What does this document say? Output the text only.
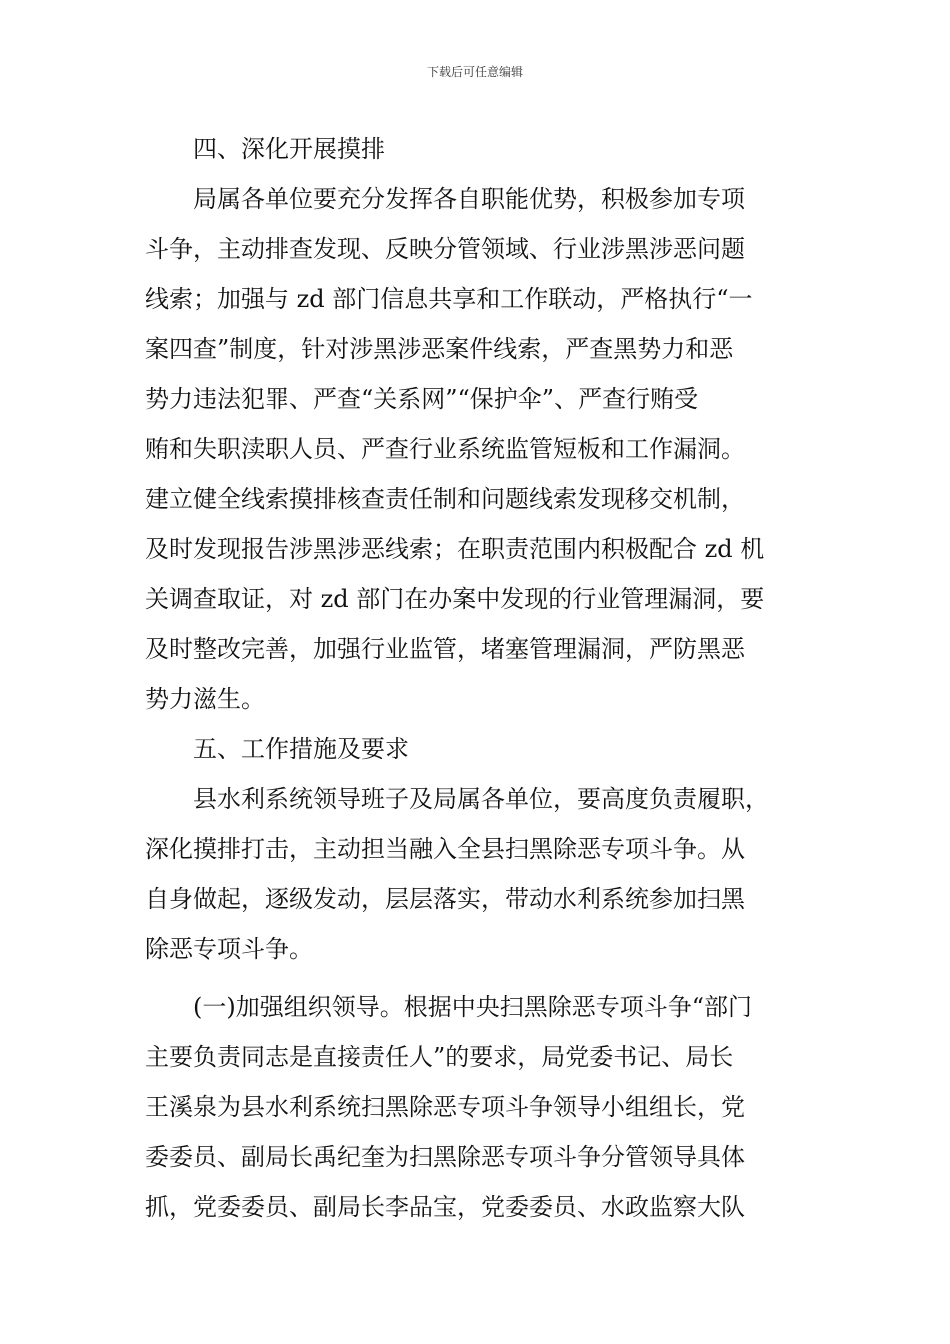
下载后可任意编辑
四、深化开展摸排
局属各单位要充分发挥各自职能优势，积极参加专项
斗争，主动排查发现、反映分管领域、行业涉黑涉恶问题
线索；加强与 zd 部门信息共享和工作联动，严格执行“一
案四查”制度，针对涉黑涉恶案件线索，严查黑势力和恶
势力违法犯罪、严查“关系网”“保护伞”、严查行贿受
贿和失职渎职人员、严查行业系统监管短板和工作漏洞。
建立健全线索摸排核查责任制和问题线索发现移交机制，
及时发现报告涉黑涉恶线索；在职责范围内积极配合 zd 机
关调查取证，对 zd 部门在办案中发现的行业管理漏洞，要
及时整改完善，加强行业监管，堵塞管理漏洞，严防黑恶
势力滋生。
五、工作措施及要求
县水利系统领导班子及局属各单位，要高度负责履职，
深化摸排打击，主动担当融入全县扫黑除恶专项斗争。从
自身做起，逐级发动，层层落实，带动水利系统参加扫黑
除恶专项斗争。
(一)加强组织领导。根据中央扫黑除恶专项斗争“部门
主要负责同志是直接责任人”的要求，局党委书记、局长
王溪泉为县水利系统扫黑除恶专项斗争领导小组组长，党
委委员、副局长禹纪奎为扫黑除恶专项斗争分管领导具体
抓，党委委员、副局长李品宝，党委委员、水政监察大队
